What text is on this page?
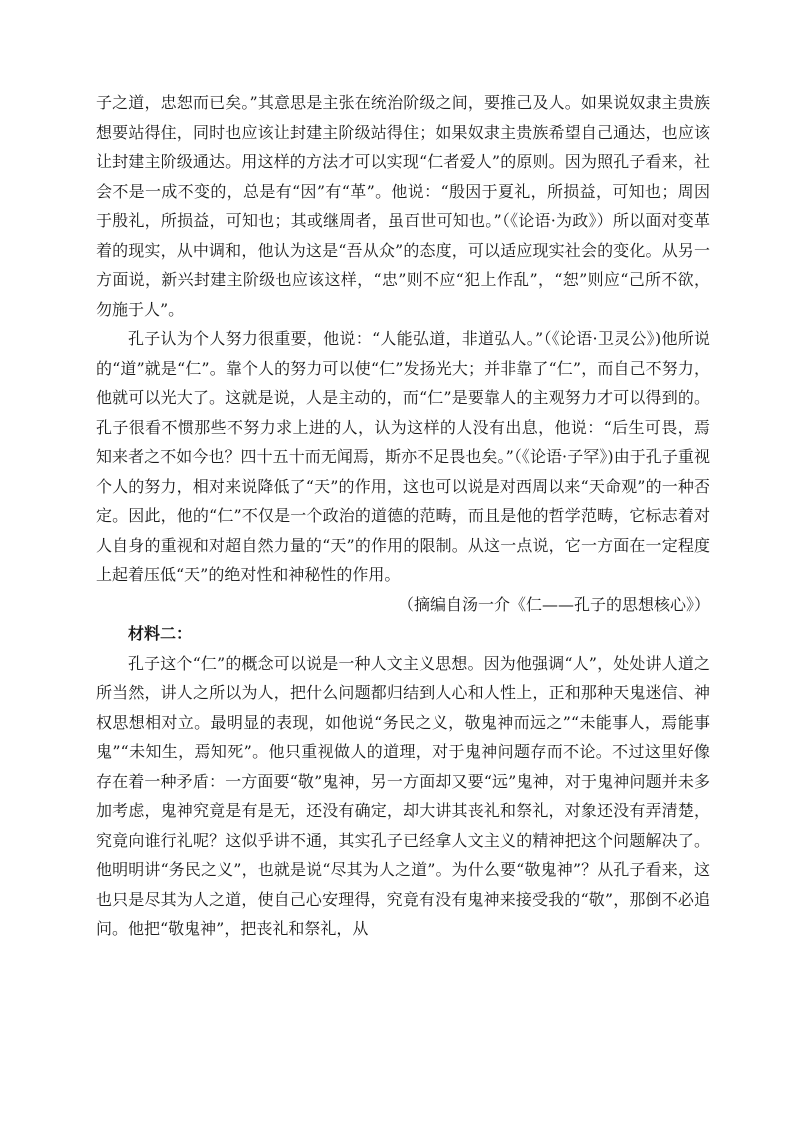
子之道，忠恕而已矣。”其意思是主张在统治阶级之间，要推己及人。如果说奴隶主贵族想要站得住，同时也应该让封建主阶级站得住；如果奴隶主贵族希望自己通达，也应该让封建主阶级通达。用这样的方法才可以实现“仁者爱人”的原则。因为照孔子看来，社会不是一成不变的，总是有“因”有“革”。他说：“殷因于夏礼，所损益，可知也；周因于殷礼，所损益，可知也；其或继周者，虽百世可知也。”（《论语·为政》）所以面对变革着的现实，从中调和，他认为这是“吾从众”的态度，可以适应现实社会的变化。从另一方面说，新兴封建主阶级也应该这样，“忠”则不应“犯上作乱”，“恕”则应“己所不欲，勿施于人”。

孔子认为个人努力很重要，他说：“人能弘道，非道弘人。”（《论语·卫灵公》)他所说的“道”就是“仁”。靠个人的努力可以使“仁”发扬光大；并非靠了“仁”，而自己不努力，他就可以光大了。这就是说，人是主动的，而“仁”是要靠人的主观努力才可以得到的。孔子很看不惯那些不努力求上进的人，认为这样的人没有出息，他说：“后生可畏，焉知来者之不如今也？四十五十而无闻焉，斯亦不足畏也矣。”（《论语·子罕》)由于孔子重视个人的努力，相对来说降低了“天”的作用，这也可以说是对西周以来“天命观”的一种否定。因此，他的“仁”不仅是一个政治的道德的范畴，而且是他的哲学范畴，它标志着对人自身的重视和对超自然力量的“天”的作用的限制。从这一点说，它一方面在一定程度上起着压低“天”的绝对性和神秘性的作用。

（摘编自汤一介《仁——孔子的思想核心》）

材料二：

孔子这个“仁”的概念可以说是一种人文主义思想。因为他强调“人”，处处讲人道之所当然，讲人之所以为人，把什么问题都归结到人心和人性上，正和那种天鬼迷信、神权思想相对立。最明显的表现，如他说“务民之义，敬鬼神而远之”“未能事人，焉能事鬼”“未知生，焉知死”。他只重视做人的道理，对于鬼神问题存而不论。不过这里好像存在着一种矛盾：一方面要“敬”鬼神，另一方面却又要“远”鬼神，对于鬼神问题并未多加考虑，鬼神究竟是有是无，还没有确定，却大讲其丧礼和祭礼，对象还没有弄清楚，究竟向谁行礼呢？这似乎讲不通，其实孔子已经拿人文主义的精神把这个问题解决了。他明明讲“务民之义”，也就是说“尽其为人之道”。为什么要“敬鬼神”？从孔子看来，这也只是尽其为人之道，使自己心安理得，究竟有没有鬼神来接受我的“敬”，那倒不必追问。他把“敬鬼神”，把丧礼和祭礼，从
